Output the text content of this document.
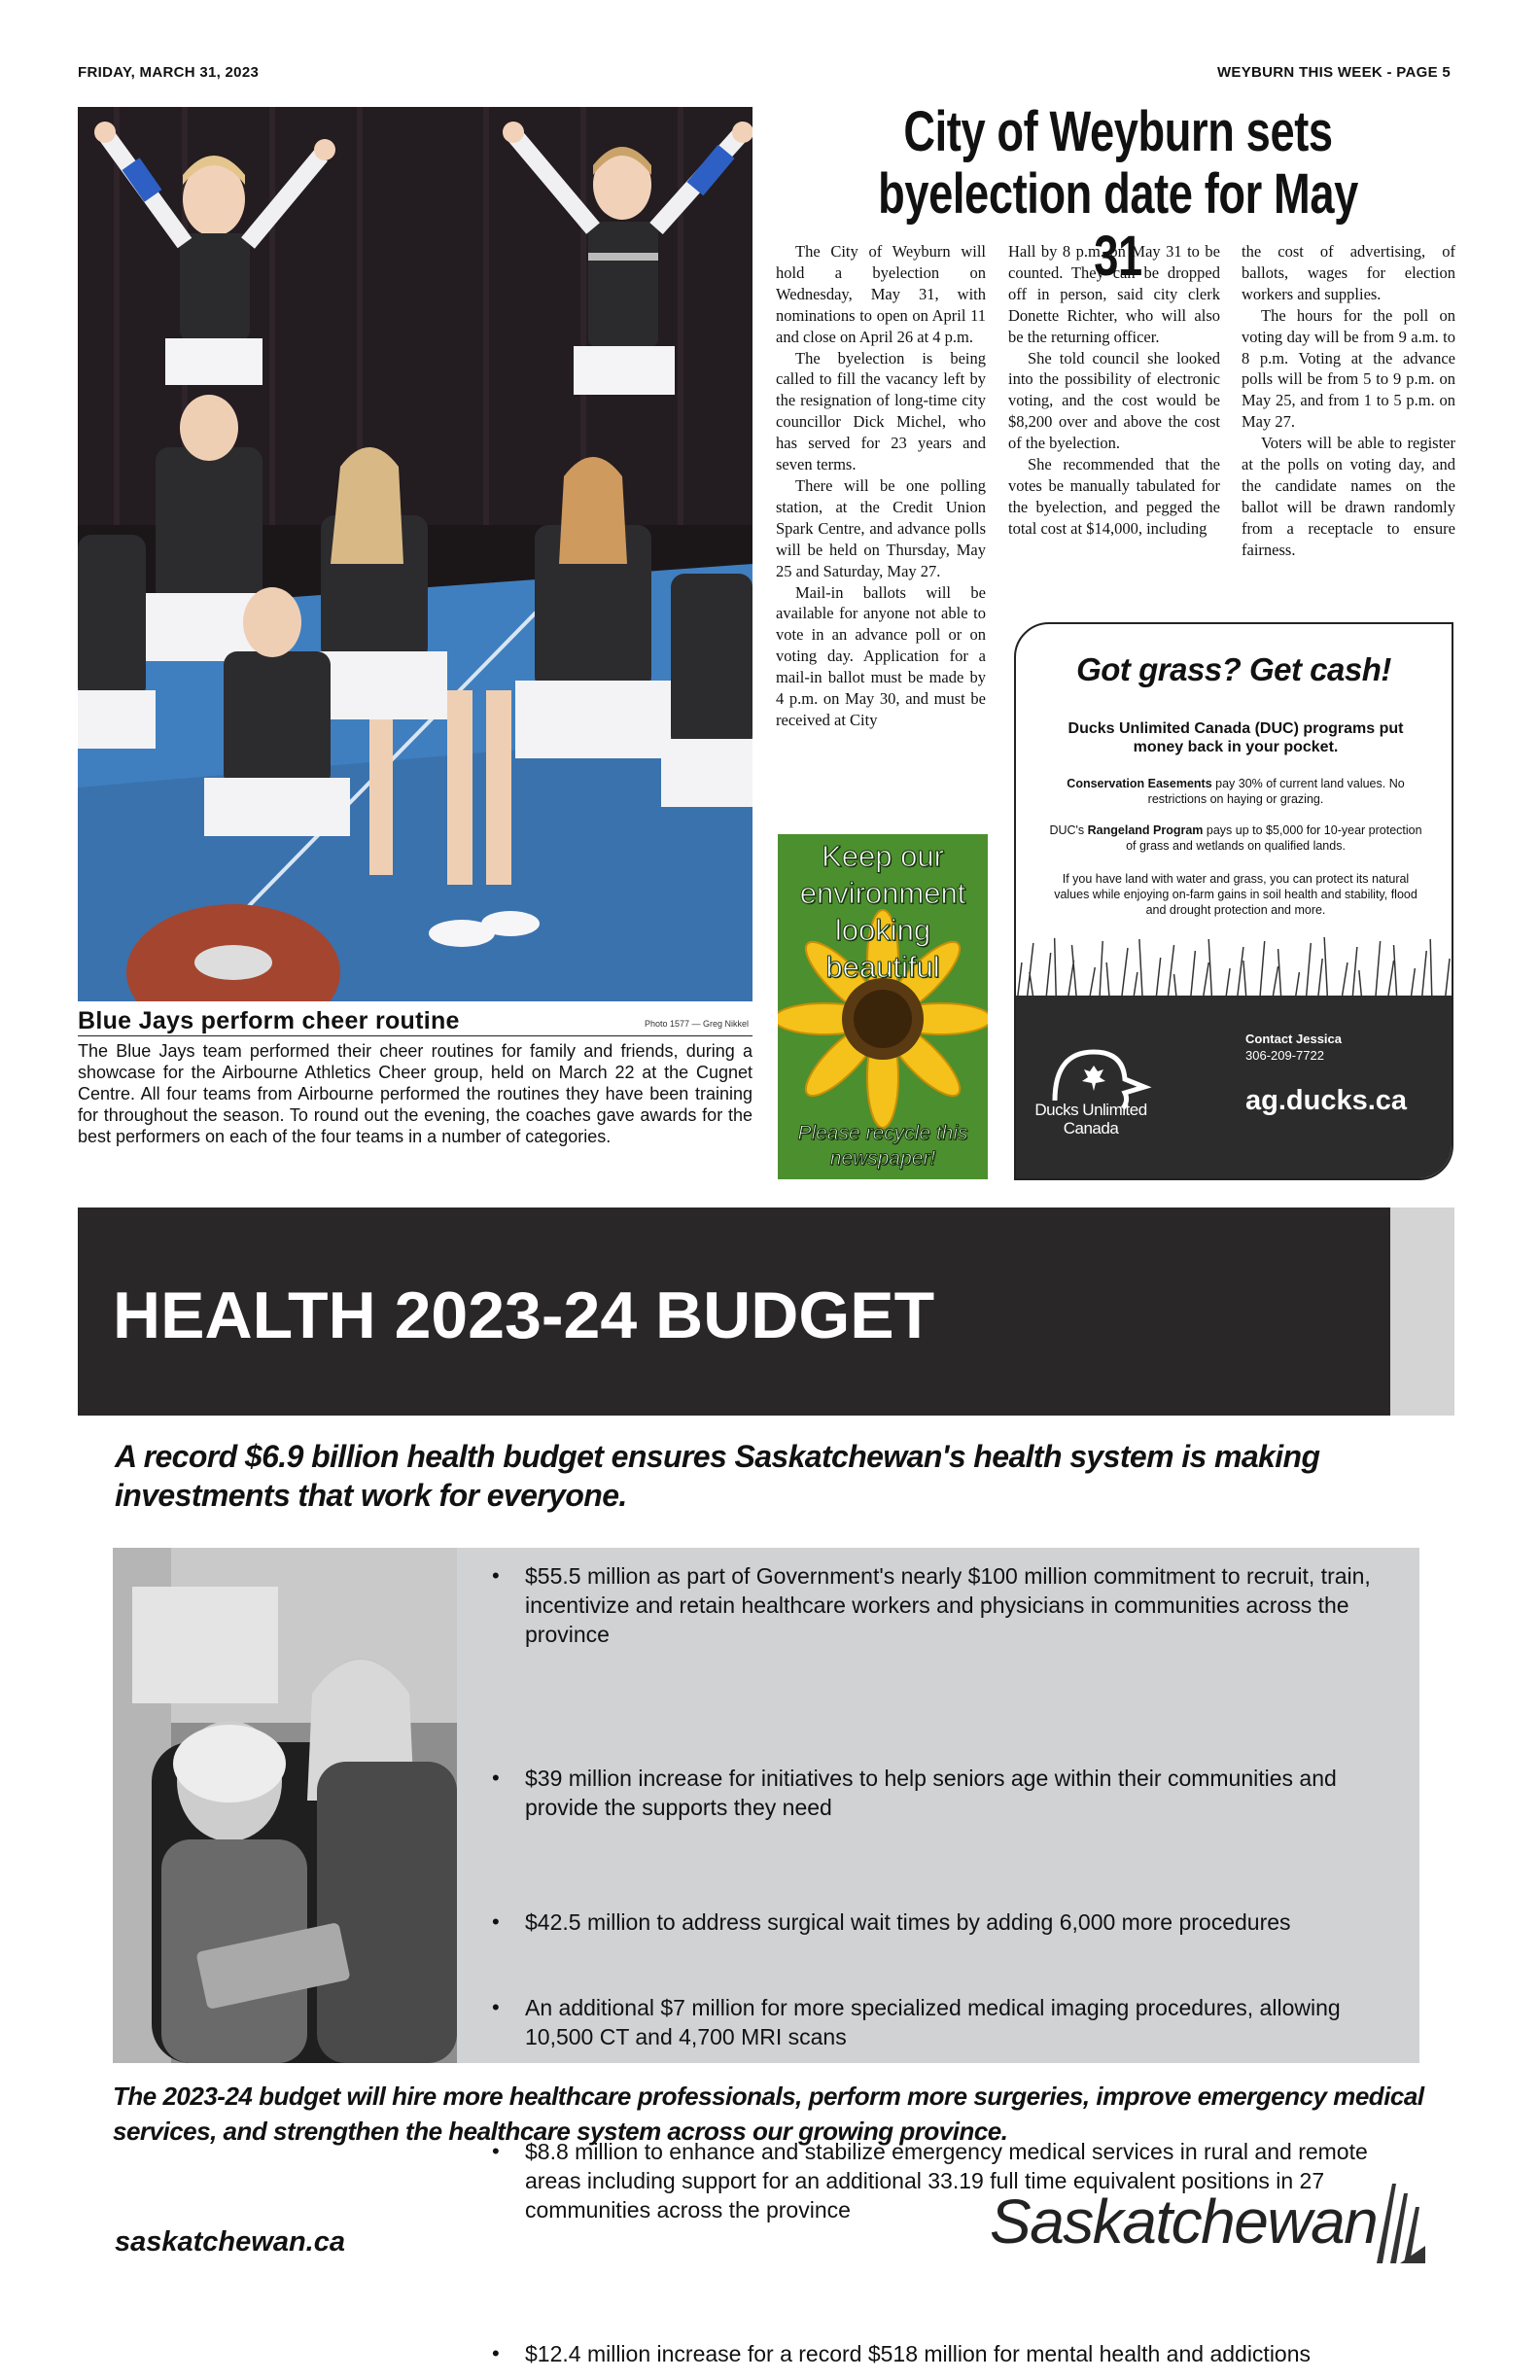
FRIDAY, MARCH 31, 2023	WEYBURN THIS WEEK - PAGE 5
Blue Jays perform cheer routine	Photo 1577 — Greg Nikkel
The Blue Jays team performed their cheer routines for family and friends, during a showcase for the Airbourne Athletics Cheer group, held on March 22 at the Cugnet Centre. All four teams from Airbourne performed the routines they have been training for throughout the season. To round out the evening, the coaches gave awards for the best performers on each of the four teams in a number of categories.
City of Weyburn sets byelection date for May 31

The City of Weyburn will hold a byelection on Wednesday, May 31, with nominations to open on April 11 and close on April 26 at 4 p.m.

The byelection is being called to fill the vacancy left by the resignation of long-time city councillor Dick Michel, who has served for 23 years and seven terms.

There will be one polling station, at the Credit Union Spark Centre, and advance polls will be held on Thursday, May 25 and Saturday, May 27.

Mail-in ballots will be available for anyone not able to vote in an advance poll or on voting day. Application for a mail-in ballot must be made by 4 p.m. on May 30, and must be received at City

Hall by 8 p.m. on May 31 to be counted. They can be dropped off in person, said city clerk Donette Richter, who will also be the returning officer.

She told council she looked into the possibility of electronic voting, and the cost would be $8,200 over and above the cost of the byelection.

She recommended that the votes be manually tabulated for the byelection, and pegged the total cost at $14,000, including

the cost of advertising, of ballots, wages for election workers and supplies.

The hours for the poll on voting day will be from 9 a.m. to 8 p.m. Voting at the advance polls will be from 5 to 9 p.m. on May 25, and from 1 to 5 p.m. on May 27.

Voters will be able to register at the polls on voting day, and the candidate names on the ballot will be drawn randomly from a receptacle to ensure fairness.

Keep our environment looking beautiful
Please recycle this newspaper!
Got grass? Get cash!
Ducks Unlimited Canada (DUC) programs put money back in your pocket.
Conservation Easements pay 30% of current land values. No restrictions on haying or grazing.
DUC's Rangeland Program pays up to $5,000 for 10-year protection of grass and wetlands on qualified lands.
If you have land with water and grass, you can protect its natural values while enjoying on-farm gains in soil health and stability, flood and drought protection and more.
Ducks Unlimited
Canada
Contact Jessica
306-209-7722
ag.ducks.ca
HEALTH 2023-24 BUDGET
A record $6.9 billion health budget ensures Saskatchewan's health system is making investments that work for everyone.
• $55.5 million as part of Government's nearly $100 million commitment to recruit, train, incentivize and retain healthcare workers and physicians in communities across the province
• $39 million increase for initiatives to help seniors age within their communities and provide the supports they need
• $42.5 million to address surgical wait times by adding 6,000 more procedures
• An additional $7 million for more specialized medical imaging procedures, allowing 10,500 CT and 4,700 MRI scans
• $8.8 million to enhance and stabilize emergency medical services in rural and remote areas including support for an additional 33.19 full time equivalent positions in 27 communities across the province
• $12.4 million increase for a record $518 million for mental health and addictions
The 2023-24 budget will hire more healthcare professionals, perform more surgeries, improve emergency medical services, and strengthen the healthcare system across our growing province.
saskatchewan.ca	Saskatchewan
